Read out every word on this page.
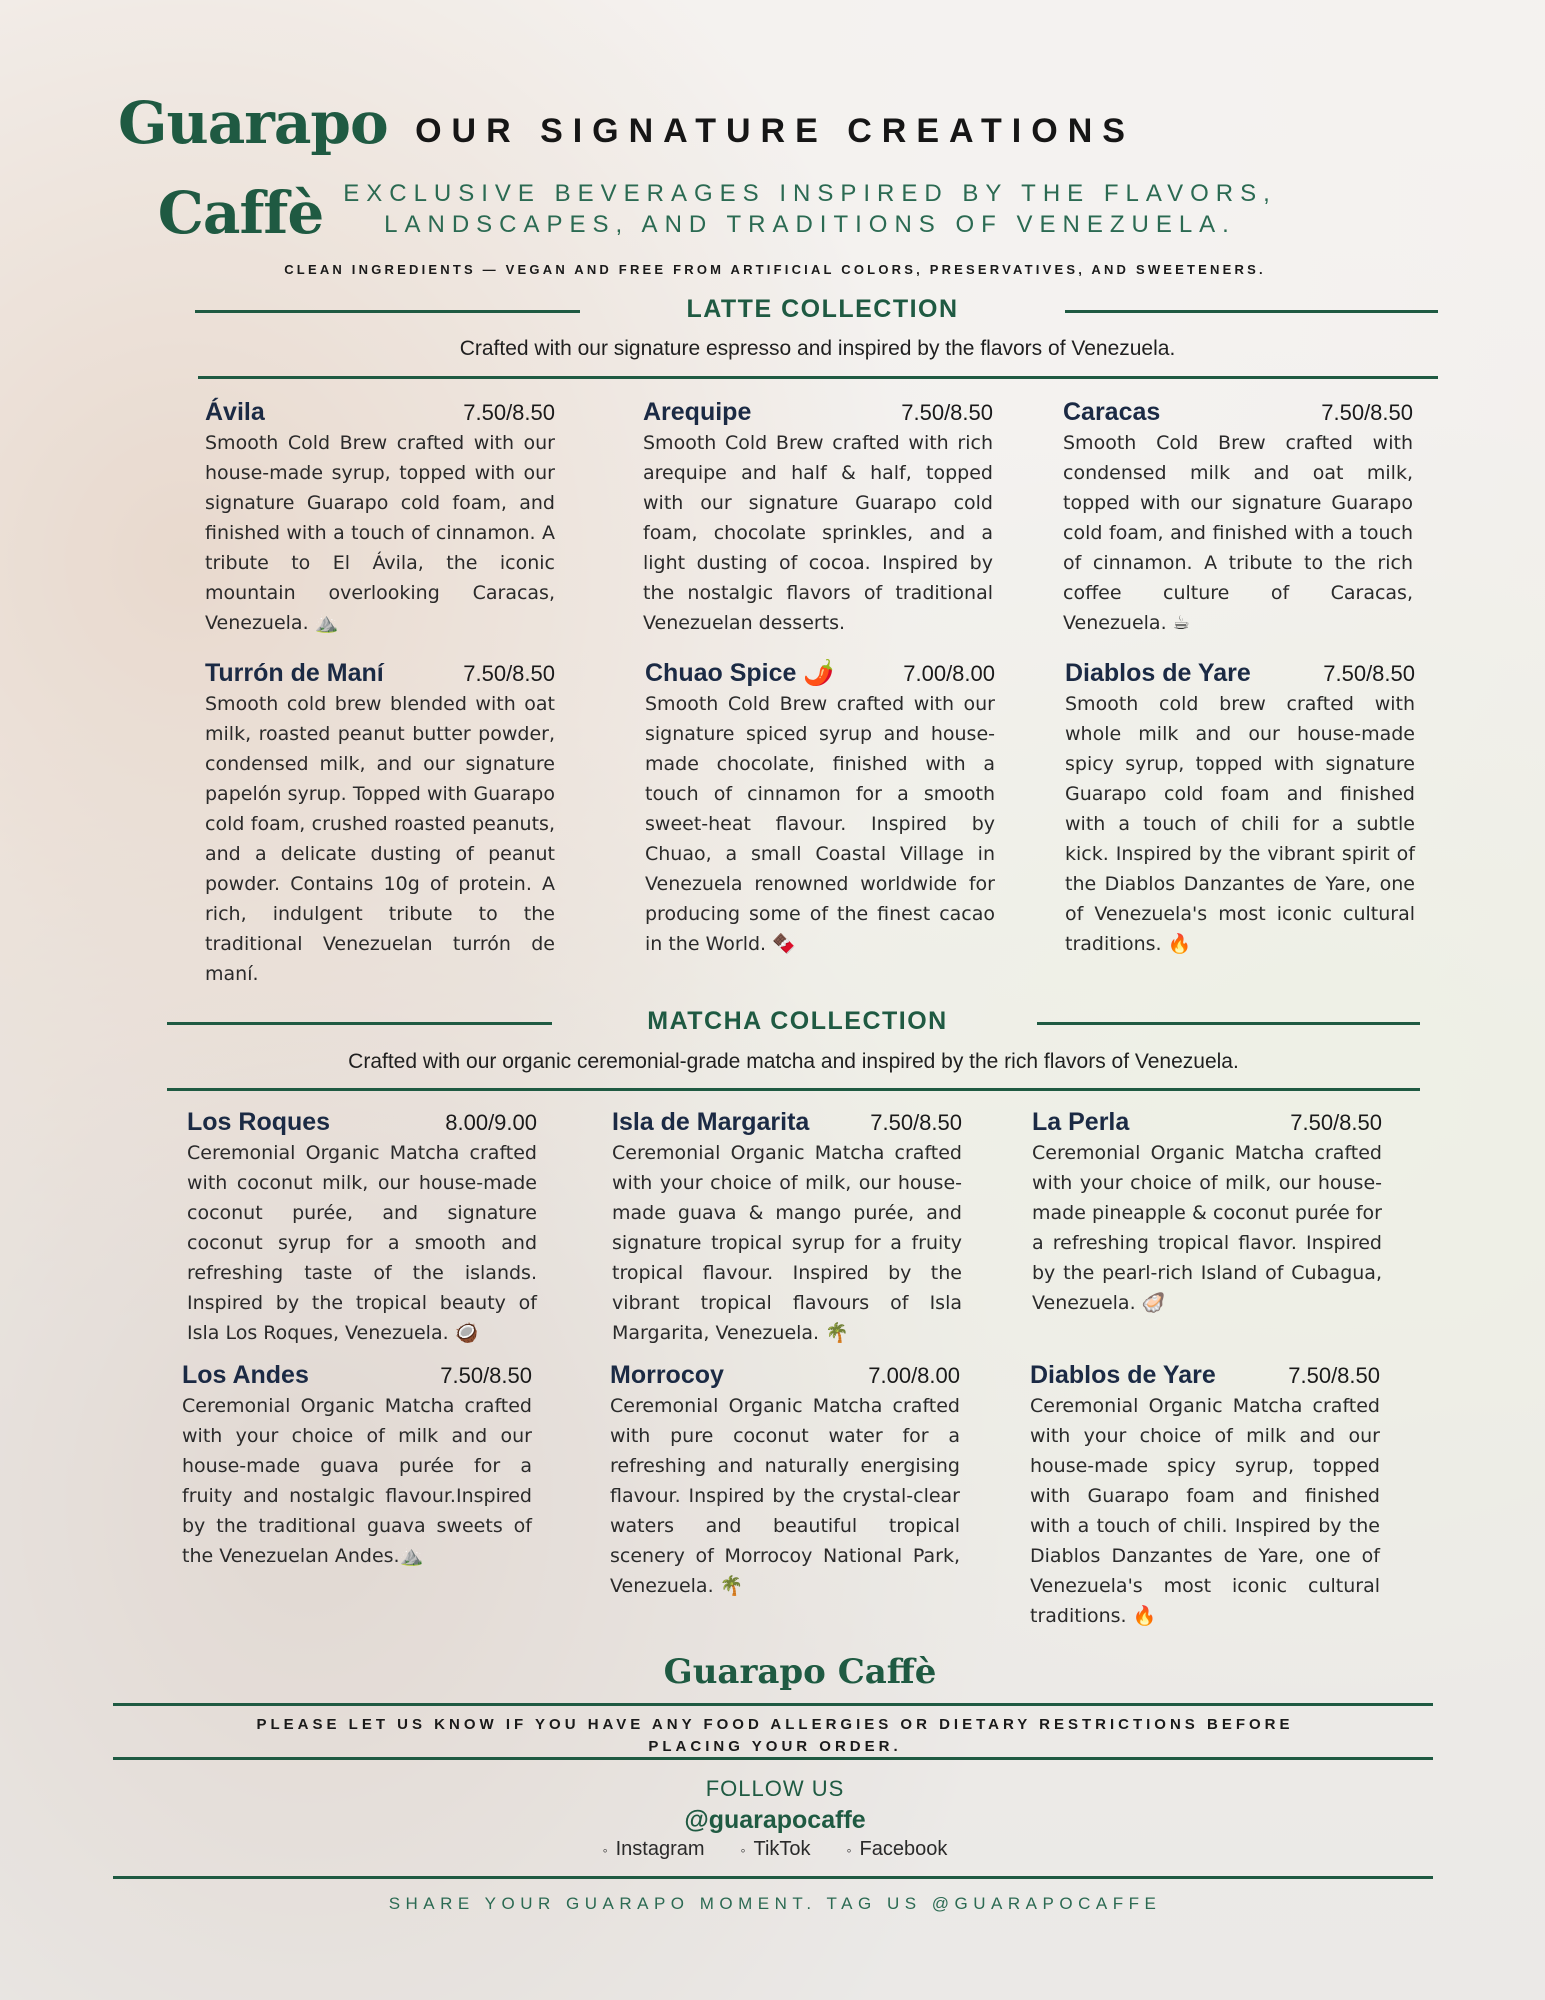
Guarapo
Caffè
OUR SIGNATURE CREATIONS
EXCLUSIVE BEVERAGES INSPIRED BY THE FLAVORS,
LANDSCAPES, AND TRADITIONS OF VENEZUELA.
CLEAN INGREDIENTS — VEGAN AND FREE FROM ARTIFICIAL COLORS, PRESERVATIVES, AND SWEETENERS.
LATTE COLLECTION
Crafted with our signature espresso and inspired by the flavors of Venezuela.
Ávila	7.50/8.50
Smooth Cold Brew crafted with our house-made syrup, topped with our signature Guarapo cold foam, and finished with a touch of cinnamon. A tribute to El Ávila, the iconic mountain overlooking Caracas, Venezuela. ⛰️
Arequipe	7.50/8.50
Smooth Cold Brew crafted with rich arequipe and half & half, topped with our signature Guarapo cold foam, chocolate sprinkles, and a light dusting of cocoa. Inspired by the nostalgic flavors of traditional Venezuelan desserts.
Caracas	7.50/8.50
Smooth Cold Brew crafted with condensed milk and oat milk, topped with our signature Guarapo cold foam, and finished with a touch of cinnamon. A tribute to the rich coffee culture of Caracas, Venezuela. ☕
Turrón de Maní	7.50/8.50
Smooth cold brew blended with oat milk, roasted peanut butter powder, condensed milk, and our signature papelón syrup. Topped with Guarapo cold foam, crushed roasted peanuts, and a delicate dusting of peanut powder. Contains 10g of protein. A rich, indulgent tribute to the traditional Venezuelan turrón de maní.
Chuao Spice 🌶️	7.00/8.00
Smooth Cold Brew crafted with our signature spiced syrup and house-made chocolate, finished with a touch of cinnamon for a smooth sweet-heat flavour. Inspired by Chuao, a small Coastal Village in Venezuela renowned worldwide for producing some of the finest cacao in the World. 🍫
Diablos de Yare	7.50/8.50
Smooth cold brew crafted with whole milk and our house-made spicy syrup, topped with signature Guarapo cold foam and finished with a touch of chili for a subtle kick. Inspired by the vibrant spirit of the Diablos Danzantes de Yare, one of Venezuela's most iconic cultural traditions. 🔥
MATCHA COLLECTION
Crafted with our organic ceremonial-grade matcha and inspired by the rich flavors of Venezuela.
Los Roques	8.00/9.00
Ceremonial Organic Matcha crafted with coconut milk, our house-made coconut purée, and signature coconut syrup for a smooth and refreshing taste of the islands. Inspired by the tropical beauty of Isla Los Roques, Venezuela. 🥥
Isla de Margarita	7.50/8.50
Ceremonial Organic Matcha crafted with your choice of milk, our house-made guava & mango purée, and signature tropical syrup for a fruity tropical flavour. Inspired by the vibrant tropical flavours of Isla Margarita, Venezuela. 🌴
La Perla	7.50/8.50
Ceremonial Organic Matcha crafted with your choice of milk, our house-made pineapple & coconut purée for a refreshing tropical flavor. Inspired by the pearl-rich Island of Cubagua, Venezuela. 🦪
Los Andes	7.50/8.50
Ceremonial Organic Matcha crafted with your choice of milk and our house-made guava purée for a fruity and nostalgic flavour.Inspired by the traditional guava sweets of the Venezuelan Andes.⛰️
Morrocoy	7.00/8.00
Ceremonial Organic Matcha crafted with pure coconut water for a refreshing and naturally energising flavour. Inspired by the crystal-clear waters and beautiful tropical scenery of Morrocoy National Park, Venezuela. 🌴
Diablos de Yare	7.50/8.50
Ceremonial Organic Matcha crafted with your choice of milk and our house-made spicy syrup, topped with Guarapo foam and finished with a touch of chili. Inspired by the Diablos Danzantes de Yare, one of Venezuela's most iconic cultural traditions. 🔥
Guarapo Caffè
PLEASE LET US KNOW IF YOU HAVE ANY FOOD ALLERGIES OR DIETARY RESTRICTIONS BEFORE
PLACING YOUR ORDER.
FOLLOW US
@guarapocaffe
◦ Instagram	◦ TikTok	◦ Facebook
SHARE YOUR GUARAPO MOMENT. TAG US @GUARAPOCAFFE
